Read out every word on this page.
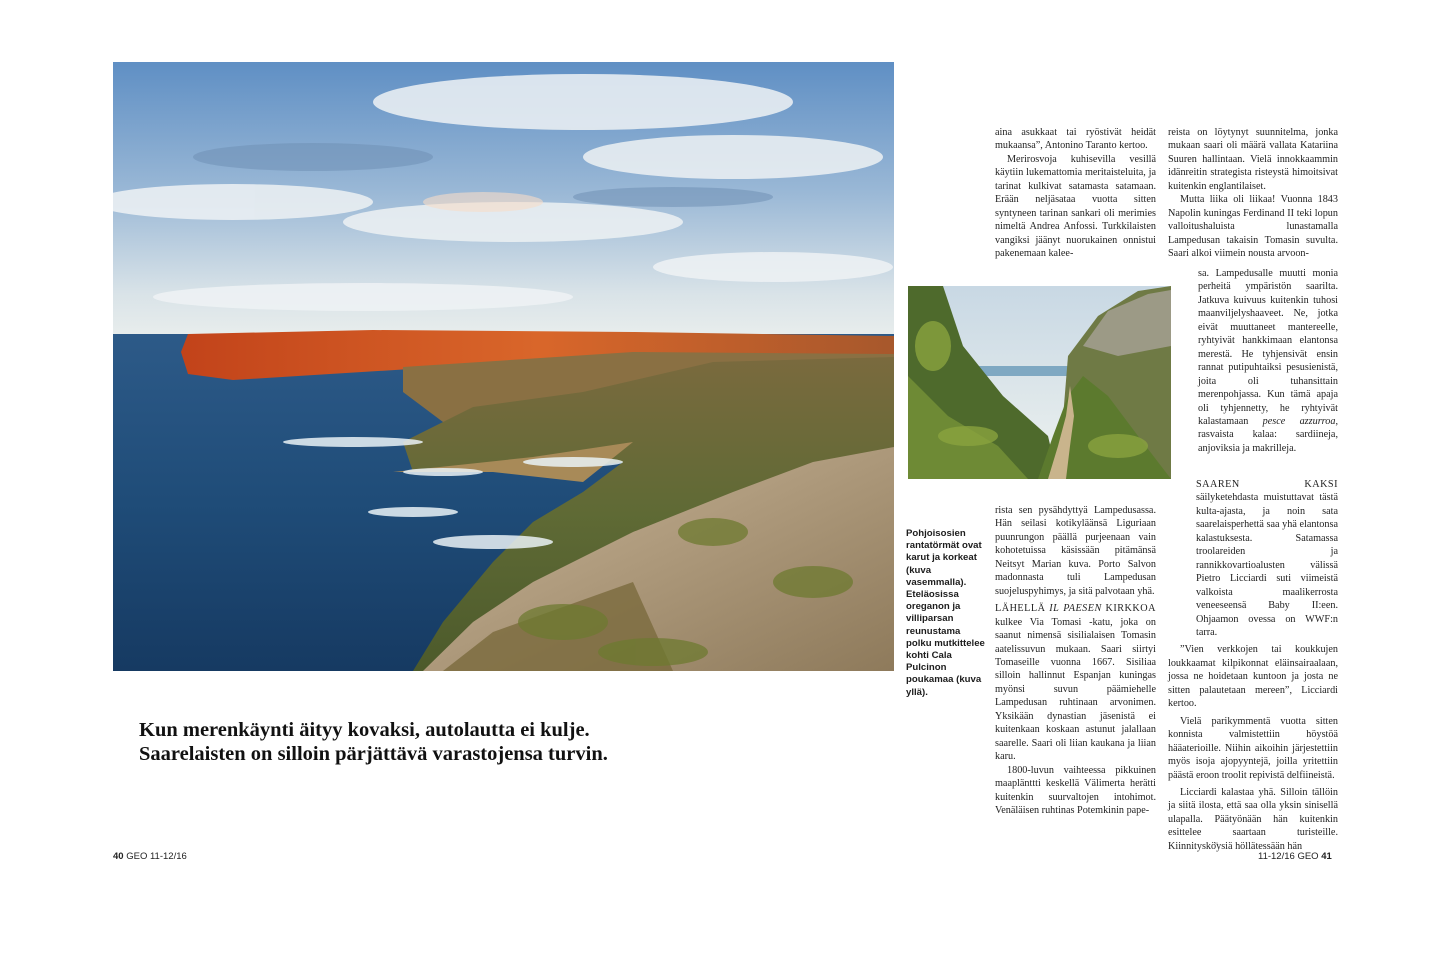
Pohjoisosien rantatörmät ovat karut ja korkeat (kuva vasemmalla). Eteläosissa oreganon ja villiparsan reunustama polku mutkittelee kohti Cala Pulcinon poukamaa (kuva yllä).
Kun merenkäynti äityy kovaksi, autolautta ei kulje.
Saarelaisten on silloin pärjättävä varastojensa turvin.

aina asukkaat tai ryöstivät heidät mukaansa”, Antonino Taranto kertoo.

Merirosvoja kuhisevilla vesillä käytiin lukemattomia meritaisteluita, ja tarinat kulkivat satamasta satamaan. Erään neljäsataa vuotta sitten syntyneen tarinan sankari oli merimies nimeltä Andrea Anfossi. Turkkilaisten vangiksi jäänyt nuorukainen onnistui pakenemaan kalee-

rista sen pysähdyttyä Lampedusassa. Hän seilasi kotikyläänsä Liguriaan puunrungon päällä purjeenaan vain kohotetuissa käsissään pitämänsä Neitsyt Marian kuva. Porto Salvon madonnasta tuli Lampedusan suojeluspyhimys, ja sitä palvotaan yhä.

LÄHELLÄ IL PAESEN KIRKKOA kulkee Via Tomasi -katu, joka on saanut nimensä sisilialaisen Tomasin aatelissuvun mukaan. Saari siirtyi Tomaseille vuonna 1667. Sisiliaa silloin hallinnut Espanjan kuningas myönsi suvun päämiehelle Lampedusan ruhtinaan arvonimen. Yksikään dynastian jäsenistä ei kuitenkaan koskaan astunut jalallaan saarelle. Saari oli liian kaukana ja liian karu.

1800-luvun vaihteessa pikkuinen maaplänttti keskellä Välimerta herätti kuitenkin suurvaltojen intohimot. Venäläisen ruhtinas Potemkinin pape-

reista on löytynyt suunnitelma, jonka mukaan saari oli määrä vallata Katariina Suuren hallintaan. Vielä innokkaammin idänreitin strategista risteystä himoitsivat kuitenkin englantilaiset.

Mutta liika oli liikaa! Vuonna 1843 Napolin kuningas Ferdinand II teki lopun valloitushaluista lunastamalla Lampedusan takaisin Tomasin suvulta. Saari alkoi viimein nousta arvoon-

sa. Lampedusalle muutti monia perheitä ympäristön saarilta. Jatkuva kuivuus kuitenkin tuhosi maanviljelyshaaveet. Ne, jotka eivät muuttaneet mantereelle, ryhtyivät hankkimaan elantonsa merestä. He tyhjensivät ensin rannat putipuhtaiksi pesusienistä, joita oli tuhansittain merenpohjassa. Kun tämä apaja oli tyhjennetty, he ryhtyivät kalastamaan pesce azzurroa, rasvaista kalaa: sardiineja, anjoviksia ja makrilleja.

SAAREN KAKSI säilyketehdasta muistuttavat tästä kulta-ajasta, ja noin sata saarelaisperhettä saa yhä elantonsa kalastuksesta. Satamassa troolareiden ja rannikkovartioalusten välissä Pietro Licciardi suti viimeistä valkoista maalikerrosta veneeseensä Baby II:een. Ohjaamon ovessa on WWF:n tarra.

”Vien verkkojen tai koukkujen loukkaamat kilpikonnat eläinsairaalaan, jossa ne hoidetaan kuntoon ja josta ne sitten palautetaan mereen”, Licciardi kertoo.

Vielä parikymmentä vuotta sitten konnista valmistettiin höystöä hääaterioille. Niihin aikoihin järjestettiin myös isoja ajopyyntejä, joilla yritettiin päästä eroon troolit repivistä delfiineistä.

Licciardi kalastaa yhä. Silloin tällöin ja siitä ilosta, että saa olla yksin sinisellä ulapalla. Päätyönään hän kuitenkin esittelee saartaan turisteille. Kiinnityskö̈ysiä höllätessään hän

40 GEO 11-12/16	11-12/16 GEO 41
